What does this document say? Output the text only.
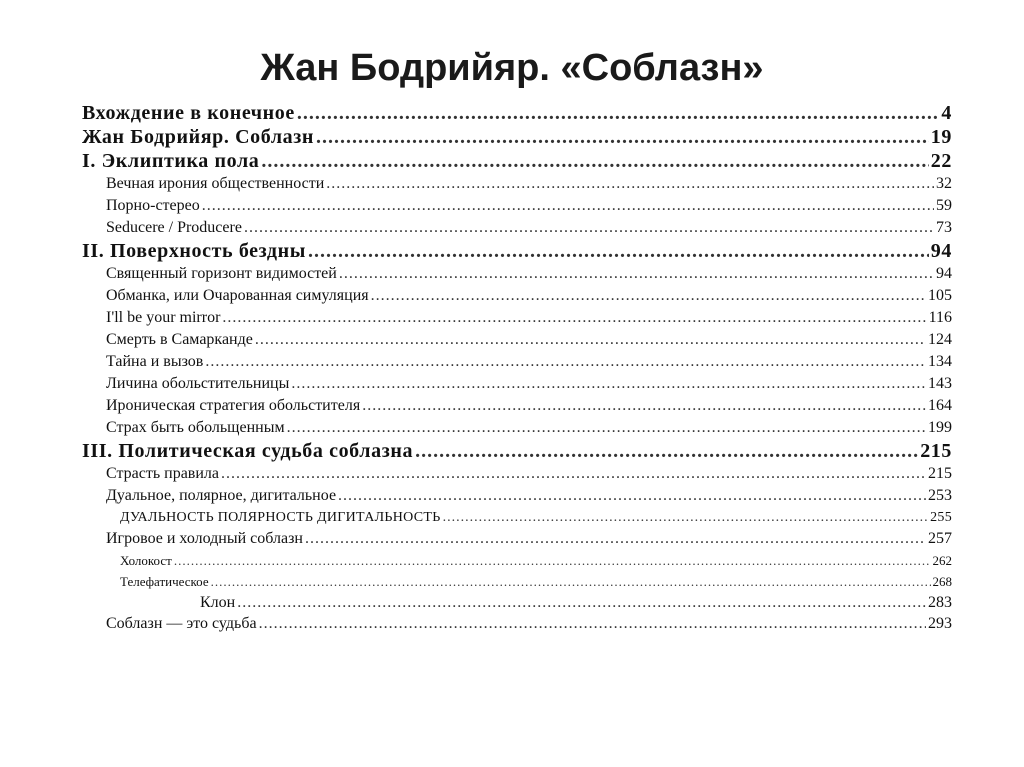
Жан Бодрийяр. «Соблазн»
Вхождение в конечное .....	4
Жан Бодрийяр. Соблазн .....	19
I. Эклиптика пола .....	22
Вечная ирония общественности .....	32
Порно-стерео .....	59
Seducere / Producere .....	73
II. Поверхность бездны .....	94
Священный горизонт видимостей .....	94
Обманка, или Очарованная симуляция .....	105
I'll be your mirror .....	116
Смерть в Самарканде .....	124
Тайна и вызов .....	134
Личина обольстительницы .....	143
Ироническая стратегия обольстителя .....	164
Страх быть обольщенным .....	199
III. Политическая судьба соблазна .....	215
Страсть правила .....	215
Дуальное, полярное, дигитальное .....	253
ДУАЛЬНОСТЬ ПОЛЯРНОСТЬ ДИГИТАЛЬНОСТЬ .....	255
Игровое и холодный соблазн .....	257
Холокост .....	262
Телефатическое .....	268
Клон .....	283
Соблазн — это судьба .....	293
